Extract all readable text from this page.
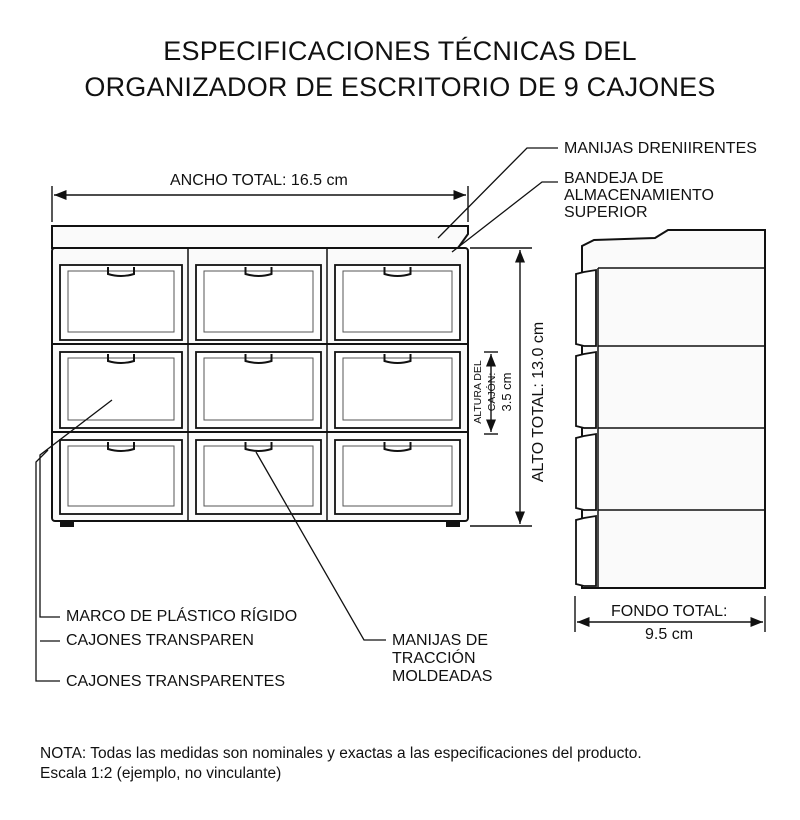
ESPECIFICACIONES TÉCNICAS DEL
ORGANIZADOR DE ESCRITORIO DE 9 CAJONES
ALTURA DEL CAJÓN: 3.5 cm ALTO TOTAL: 13.0 cm
ANCHO TOTAL: 16.5 cm
MANIJAS DRENIIRENTES
BANDEJA DE
ALMACENAMIENTO
SUPERIOR
FONDO TOTAL:
9.5 cm
MARCO DE PLÁSTICO RÍGIDO
CAJONES TRANSPAREN
CAJONES TRANSPARENTES
MANIJAS DE
TRACCIÓN
MOLDEADAS
NOTA: Todas las medidas son nominales y exactas a las especificaciones del producto.
Escala 1:2 (ejemplo, no vinculante)
